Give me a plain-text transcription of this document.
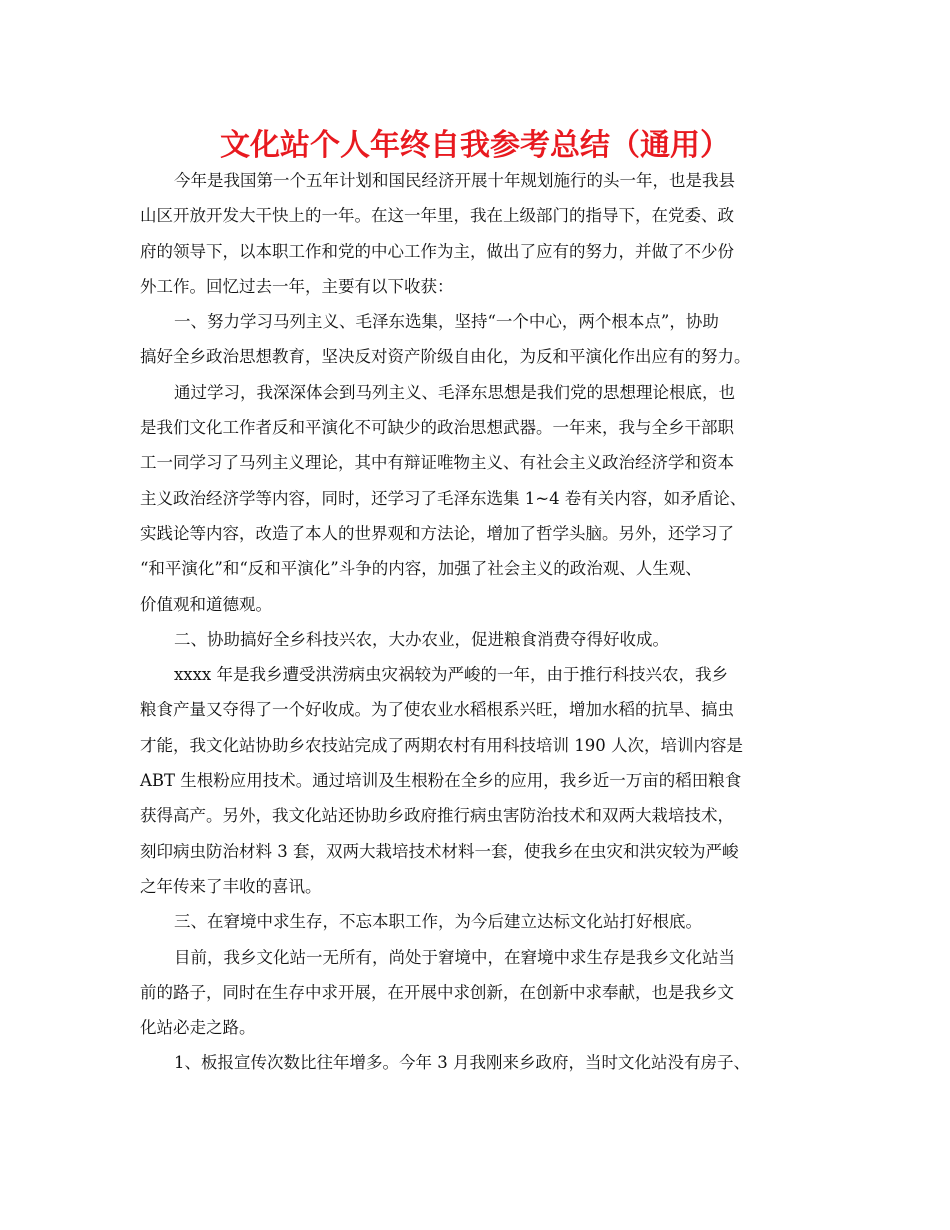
文化站个人年终自我参考总结（通用）
今年是我国第一个五年计划和国民经济开展十年规划施行的头一年，也是我县
山区开放开发大干快上的一年。在这一年里，我在上级部门的指导下，在党委、政
府的领导下，以本职工作和党的中心工作为主，做出了应有的努力，并做了不少份
外工作。回忆过去一年，主要有以下收获：
一、努力学习马列主义、毛泽东选集，坚持“一个中心，两个根本点”，协助
搞好全乡政治思想教育，坚决反对资产阶级自由化，为反和平演化作出应有的努力。
通过学习，我深深体会到马列主义、毛泽东思想是我们党的思想理论根底，也
是我们文化工作者反和平演化不可缺少的政治思想武器。一年来，我与全乡干部职
工一同学习了马列主义理论，其中有辩证唯物主义、有社会主义政治经济学和资本
主义政治经济学等内容，同时，还学习了毛泽东选集 1~4 卷有关内容，如矛盾论、
实践论等内容，改造了本人的世界观和方法论，增加了哲学头脑。另外，还学习了
“和平演化”和“反和平演化”斗争的内容，加强了社会主义的政治观、人生观、
价值观和道德观。
二、协助搞好全乡科技兴农，大办农业，促进粮食消费夺得好收成。
xxxx 年是我乡遭受洪涝病虫灾祸较为严峻的一年，由于推行科技兴农，我乡
粮食产量又夺得了一个好收成。为了使农业水稻根系兴旺，增加水稻的抗旱、搞虫
才能，我文化站协助乡农技站完成了两期农村有用科技培训 190 人次，培训内容是
ABT 生根粉应用技术。通过培训及生根粉在全乡的应用，我乡近一万亩的稻田粮食
获得高产。另外，我文化站还协助乡政府推行病虫害防治技术和双两大栽培技术，
刻印病虫防治材料 3 套，双两大栽培技术材料一套，使我乡在虫灾和洪灾较为严峻
之年传来了丰收的喜讯。
三、在窘境中求生存，不忘本职工作，为今后建立达标文化站打好根底。
目前，我乡文化站一无所有，尚处于窘境中，在窘境中求生存是我乡文化站当
前的路子，同时在生存中求开展，在开展中求创新，在创新中求奉献，也是我乡文
化站必走之路。
1、板报宣传次数比往年增多。今年 3 月我刚来乡政府，当时文化站没有房子、
